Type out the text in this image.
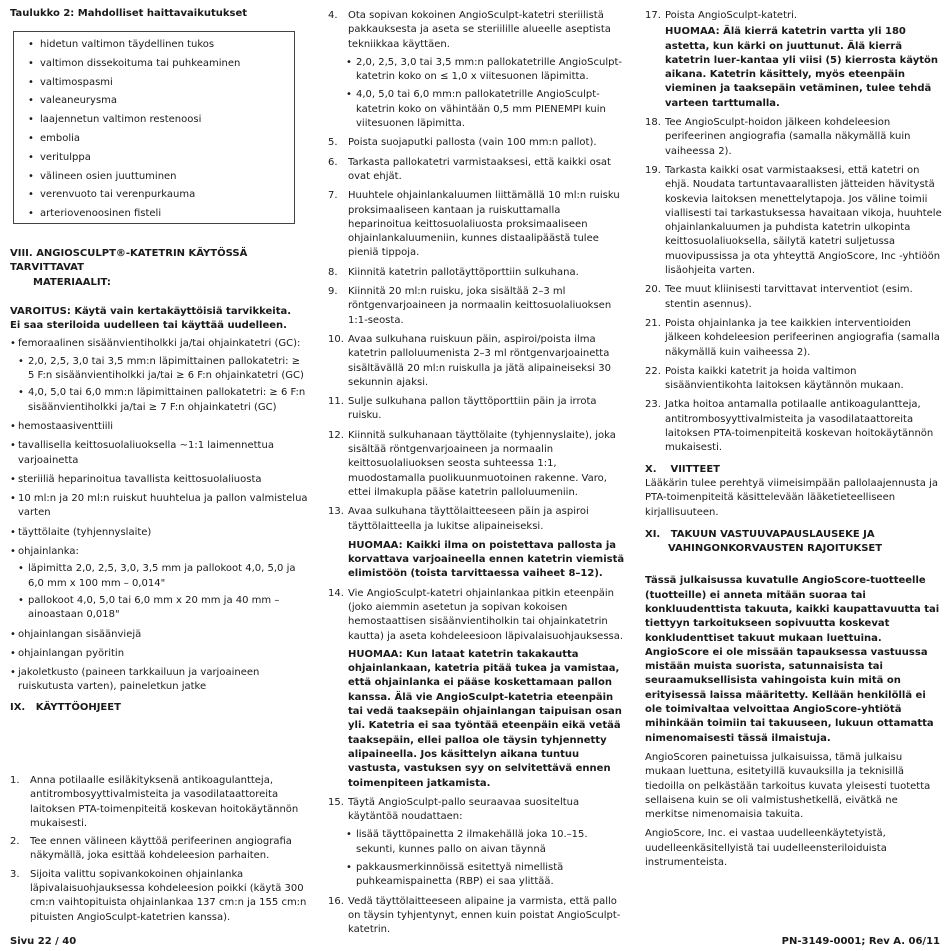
Taulukko 2: Mahdolliset haittavaikutukset

• hidetun valtimon täydellinen tukos
• valtimon dissekoituma tai puhkeaminen
• valtimospasmi
• valeaneurysma
• laajennetun valtimon restenoosi
• embolia
• veritulppa
• välineen osien juuttuminen
• verenvuoto tai verenpurkauma
• arteriovenoosinen fisteli
VIII. ANGIOSCULPT®-KATETRIN KÄYTÖSSÄ TARVITTAVAT
MATERIAALIT:

VAROITUS: Käytä vain kertakäyttöisiä tarvikkeita.

Ei saa steriloida uudelleen tai käyttää uudelleen.

• femoraalinen sisäänvientiholkki ja/tai ohjainkatetri (GC):
• 2,0, 2,5, 3,0 tai 3,5 mm:n läpimittainen pallokatetri: ≥ 5 F:n sisäänvientiholkki ja/tai ≥ 6 F:n ohjainkatetri (GC)
• 4,0, 5,0 tai 6,0 mm:n läpimittainen pallokatetri: ≥ 6 F:n sisäänvientiholkki ja/tai ≥ 7 F:n ohjainkatetri (GC)
• hemostaasiventtiili
• tavallisella keittosuolaliuoksella ~1:1 laimennettua varjoainetta
• steriiliä heparinoitua tavallista keittosuolaliuosta
• 10 ml:n ja 20 ml:n ruiskut huuhtelua ja pallon valmistelua varten
• täyttölaite (tyhjennyslaite)
• ohjainlanka:
• läpimitta 2,0, 2,5, 3,0, 3,5 mm ja pallokoot 4,0, 5,0 ja 6,0 mm x 100 mm – 0,014"
• pallokoot 4,0, 5,0 tai 6,0 mm x 20 mm ja 40 mm – ainoastaan 0,018"
• ohjainlangan sisäänviejä
• ohjainlangan pyöritin
• jakoletkusto (paineen tarkkailuun ja varjoaineen ruiskutusta varten), paineletkun jatke
IX. KÄYTTÖOHJEET
1. Anna potilaalle esiläkityksenä antikoagulantteja, antitrombosyyttivalmisteita ja vasodilataattoreita laitoksen PTA-toimenpiteitä koskevan hoitokäytännön mukaisesti.
2. Tee ennen välineen käyttöä perifeerinen angiografia näkymällä, joka esittää kohdeleesion parhaiten.
3. Sijoita valittu sopivankokoinen ohjainlanka läpivalaisuohjauksessa kohdeleesion poikki (käytä 300 cm:n vaihtopituista ohjainlankaa 137 cm:n ja 155 cm:n pituisten AngioSculpt-katetrien kanssa).
4. Ota sopivan kokoinen AngioSculpt-katetri steriilistä pakkauksesta ja aseta se steriilille alueelle aseptista tekniikkaa käyttäen.
• 2,0, 2,5, 3,0 tai 3,5 mm:n pallokatetrille AngioSculpt-katetrin koko on ≤ 1,0 x viitesuonen läpimitta.
• 4,0, 5,0 tai 6,0 mm:n pallokatetrille AngioSculpt-katetrin koko on vähintään 0,5 mm PIENEMPI kuin viitesuonen läpimitta.
5. Poista suojaputki pallosta (vain 100 mm:n pallot).
6. Tarkasta pallokatetri varmistaaksesi, että kaikki osat ovat ehjät.
7. Huuhtele ohjainlankaluumen liittämällä 10 ml:n ruisku proksimaaliseen kantaan ja ruiskuttamalla heparinoitua keittosuolaliuosta proksimaaliseen ohjainlankaluumeniin, kunnes distaalipäästä tulee pieniä tippoja.
8. Kiinnitä katetrin pallotäyttöporttiin sulkuhana.
9. Kiinnitä 20 ml:n ruisku, joka sisältää 2–3 ml röntgenvarjoaineen ja normaalin keittosuolaliuoksen 1:1-seosta.
10. Avaa sulkuhana ruiskuun päin, aspiroi/poista ilma katetrin palloluumenista 2–3 ml röntgenvarjoainetta sisältävällä 20 ml:n ruiskulla ja jätä alipaineiseksi 30 sekunnin ajaksi.
11. Sulje sulkuhana pallon täyttöporttiin päin ja irrota ruisku.
12. Kiinnitä sulkuhanaan täyttölaite (tyhjennyslaite), joka sisältää röntgenvarjoaineen ja normaalin keittosuolaliuoksen seosta suhteessa 1:1, muodostamalla puolikuunmuotoinen rakenne. Varo, ettei ilmakupla pääse katetrin palloluumeniin.
13. Avaa sulkuhana täyttölaitteeseen päin ja aspiroi täyttölaitteella ja lukitse alipaineiseksi.

HUOMAA: Kaikki ilma on poistettava pallosta ja korvattava varjoaineella ennen katetrin viemistä elimistöön (toista tarvittaessa vaiheet 8–12).

14. Vie AngioSculpt-katetri ohjainlankaa pitkin eteenpäin (joko aiemmin asetetun ja sopivan kokoisen hemostaattisen sisäänvientiholkin tai ohjainkatetrin kautta) ja aseta kohdeleesioon läpivalaisuohjauksessa.

HUOMAA: Kun lataat katetrin takakautta ohjainlankaan, katetria pitää tukea ja vamistaa, että ohjainlanka ei pääse koskettamaan pallon kanssa. Älä vie AngioSculpt-katetria eteenpäin tai vedä taaksepäin ohjainlangan taipuisan osan yli. Katetria ei saa työntää eteenpäin eikä vetää taaksepäin, ellei palloa ole täysin tyhjennetty alipaineella. Jos käsittelyn aikana tuntuu vastusta, vastuksen syy on selvitettävä ennen toimenpiteen jatkamista.

15. Täytä AngioSculpt-pallo seuraavaa suositeltua käytäntöä noudattaen:
• lisää täyttöpainetta 2 ilmakehällä joka 10.–15. sekunti, kunnes pallo on aivan täynnä
• pakkausmerkinnöissä esitettyä nimellistä puhkeamispainetta (RBP) ei saa ylittää.
16. Vedä täyttölaitteeseen alipaine ja varmista, että pallo on täysin tyhjentynyt, ennen kuin poistat AngioSculpt-katetrin.
17. Poista AngioSculpt-katetri.

HUOMAA: Älä kierrä katetrin vartta yli 180 astetta, kun kärki on juuttunut. Älä kierrä katetrin luer-kantaa yli viisi (5) kierrosta käytön aikana. Katetrin käsittely, myös eteenpäin vieminen ja taaksepäin vetäminen, tulee tehdä varteen tarttumalla.

18. Tee AngioSculpt-hoidon jälkeen kohdeleesion perifeerinen angiografia (samalla näkymällä kuin vaiheessa 2).
19. Tarkasta kaikki osat varmistaaksesi, että katetri on ehjä. Noudata tartuntavaarallisten jätteiden hävitystä koskevia laitoksen menettelytapoja. Jos väline toimii viallisesti tai tarkastuksessa havaitaan vikoja, huuhtele ohjainlankaluumen ja puhdista katetrin ulkopinta keittosuolaliuoksella, säilytä katetri suljetussa muovipussissa ja ota yhteyttä AngioScore, Inc -yhtiöön lisäohjeita varten.
20. Tee muut kliinisesti tarvittavat interventiot (esim. stentin asennus).
21. Poista ohjainlanka ja tee kaikkien interventioiden jälkeen kohdeleesion perifeerinen angiografia (samalla näkymällä kuin vaiheessa 2).
22. Poista kaikki katetrit ja hoida valtimon sisäänvientikohta laitoksen käytännön mukaan.
23. Jatka hoitoa antamalla potilaalle antikoagulantteja, antitrombosyyttivalmisteita ja vasodilataattoreita laitoksen PTA-toimenpiteitä koskevan hoitokäytännön mukaisesti.
X. VIITTEET

Lääkärin tulee perehtyä viimeisimpään pallolaajennusta ja PTA-toimenpiteitä käsittelevään lääketieteelliseen kirjallisuuteen.

XI. TAKUUN VASTUUVAPAUSLAUSEKE JA
VAHINGONKORVAUSTEN RAJOITUKSET

Tässä julkaisussa kuvatulle AngioScore-tuotteelle (tuotteille) ei anneta mitään suoraa tai konkluudenttista takuuta, kaikki kaupattavuutta tai tiettyyn tarkoitukseen sopivuutta koskevat konkludenttiset takuut mukaan luettuina. AngioScore ei ole missään tapauksessa vastuussa mistään muista suorista, satunnaisista tai seuraamuksellisista vahingoista kuin mitä on erityisessä laissa määritetty. Kellään henkilöllä ei ole toimivaltaa velvoittaa AngioScore-yhtiötä mihinkään toimiin tai takuuseen, lukuun ottamatta nimenomaisesti tässä ilmaistuja.

AngioScoren painetuissa julkaisuissa, tämä julkaisu mukaan luettuna, esitetyillä kuvauksilla ja teknisillä tiedoilla on pelkästään tarkoitus kuvata yleisesti tuotetta sellaisena kuin se oli valmistushetkellä, eivätkä ne merkitse nimenomaisia takuita.

AngioScore, Inc. ei vastaa uudelleenkäytetyistä, uudelleenkäsitellyistä tai uudelleensteriloiduista instrumenteista.

Sivu 22 / 40	PN-3149-0001; Rev A. 06/11
